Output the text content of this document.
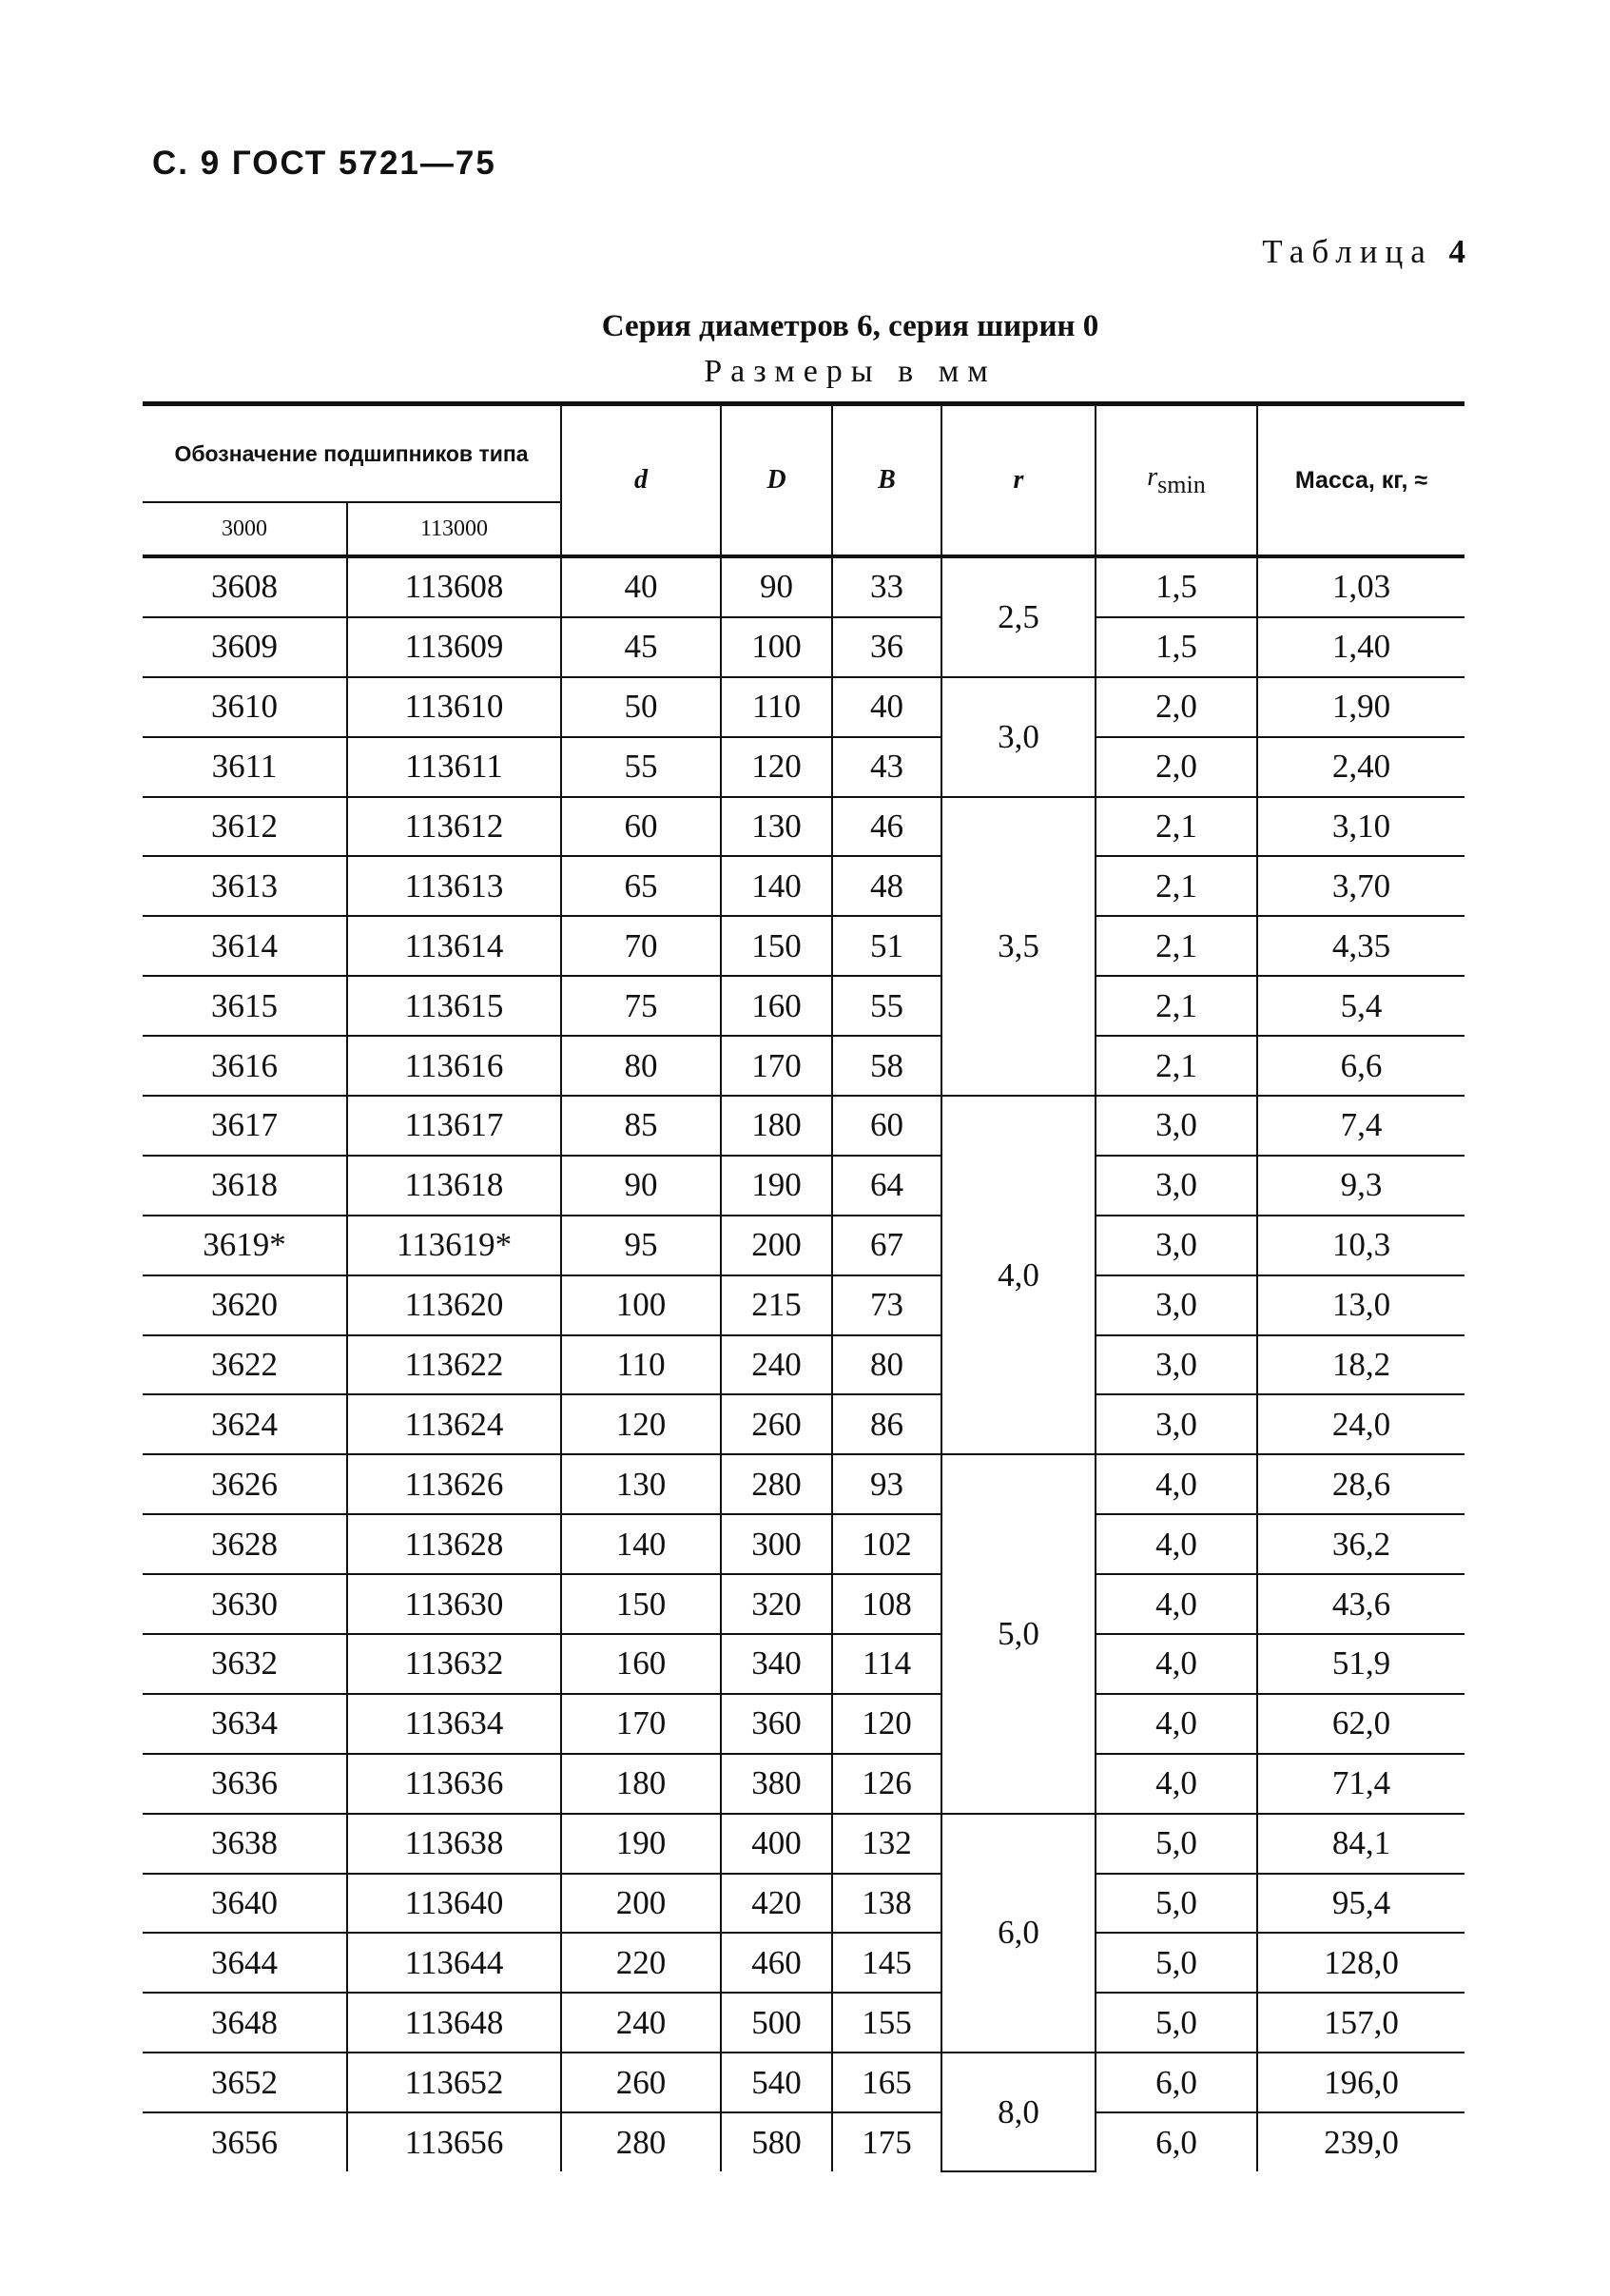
С. 9 ГОСТ 5721—75
Таблица 4
Серия диаметров 6, серия ширин 0
Размеры в мм
Обозначение подшипников типа		d	D	B	r	rsmin	Масса, кг, ≈
3000	113000						
3608	113608	40	90	33	2,5	1,5	1,03
3609	113609	45	100	36		1,5	1,40
3610	113610	50	110	40	3,0	2,0	1,90
3611	113611	55	120	43		2,0	2,40
3612	113612	60	130	46	3,5	2,1	3,10
3613	113613	65	140	48		2,1	3,70
3614	113614	70	150	51		2,1	4,35
3615	113615	75	160	55		2,1	5,4
3616	113616	80	170	58		2,1	6,6
3617	113617	85	180	60	4,0	3,0	7,4
3618	113618	90	190	64		3,0	9,3
3619*	113619*	95	200	67		3,0	10,3
3620	113620	100	215	73		3,0	13,0
3622	113622	110	240	80		3,0	18,2
3624	113624	120	260	86		3,0	24,0
3626	113626	130	280	93	5,0	4,0	28,6
3628	113628	140	300	102		4,0	36,2
3630	113630	150	320	108		4,0	43,6
3632	113632	160	340	114		4,0	51,9
3634	113634	170	360	120		4,0	62,0
3636	113636	180	380	126		4,0	71,4
3638	113638	190	400	132	6,0	5,0	84,1
3640	113640	200	420	138		5,0	95,4
3644	113644	220	460	145		5,0	128,0
3648	113648	240	500	155		5,0	157,0
3652	113652	260	540	165	8,0	6,0	196,0
3656	113656	280	580	175		6,0	239,0
